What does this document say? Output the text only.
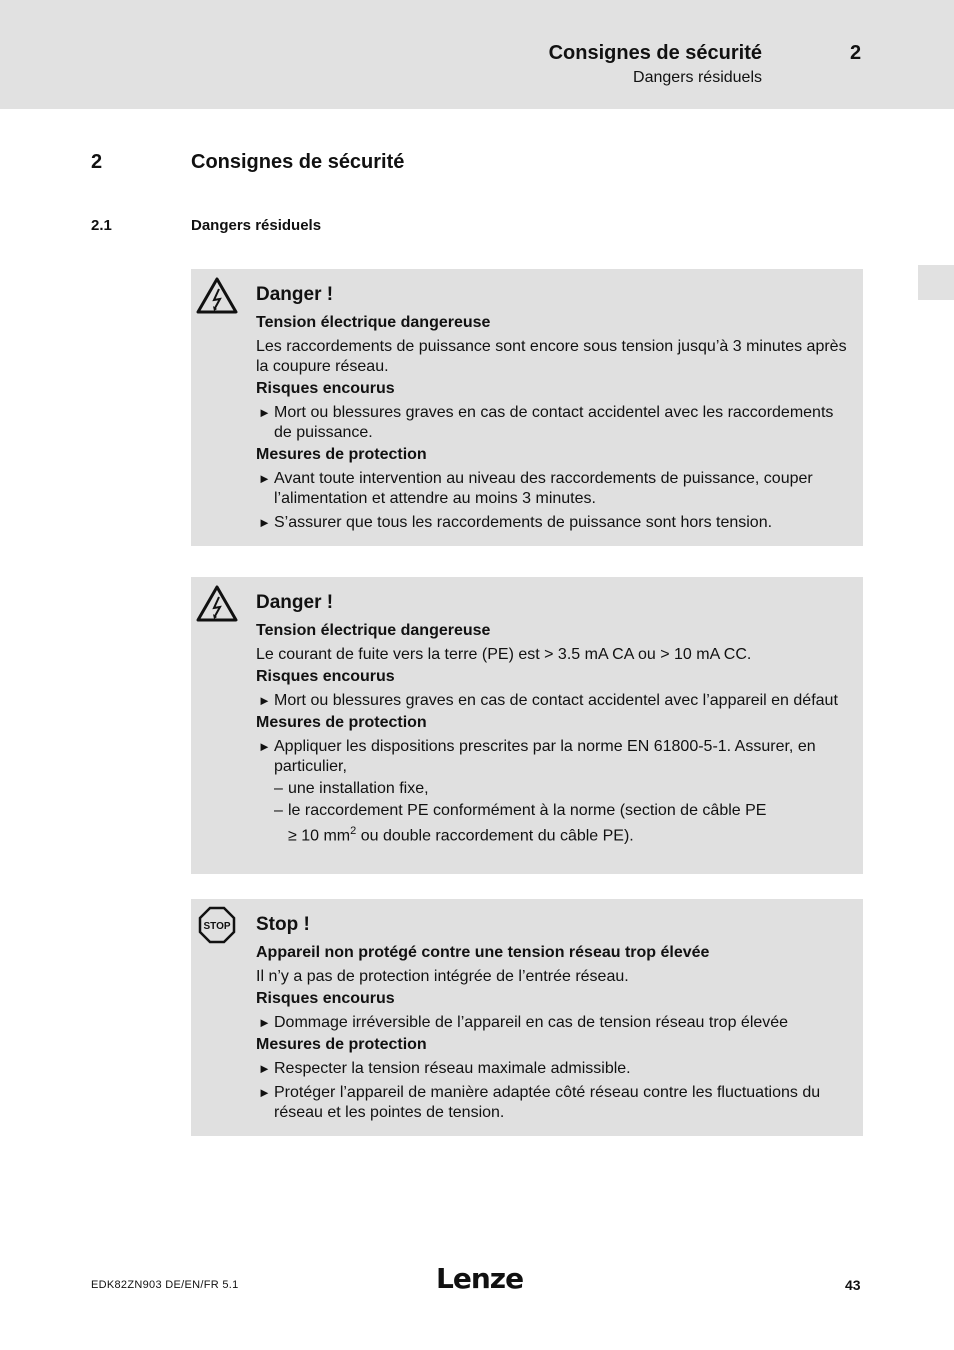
Consignes de sécurité	2
Dangers résiduels
2	Consignes de sécurité
2.1	Dangers résiduels
Danger !
Tension électrique dangereuse
Les raccordements de puissance sont encore sous tension jusqu’à 3 minutes après la coupure réseau.
Risques encourus
► Mort ou blessures graves en cas de contact accidentel avec les raccordements de puissance.
Mesures de protection
► Avant toute intervention au niveau des raccordements de puissance, couper l’alimentation et attendre au moins 3 minutes.
► S’assurer que tous les raccordements de puissance sont hors tension.
Danger !
Tension électrique dangereuse
Le courant de fuite vers la terre (PE) est > 3.5 mA CA ou > 10 mA CC.
Risques encourus
► Mort ou blessures graves en cas de contact accidentel avec l’appareil en défaut
Mesures de protection
► Appliquer les dispositions prescrites par la norme EN 61800-5-1. Assurer, en particulier,
– une installation fixe,
– le raccordement PE conformément à la norme (section de câble PE
≥ 10 $mm^2$ ou double raccordement du câble PE).
STOP Stop !
Appareil non protégé contre une tension réseau trop élevée
Il n’y a pas de protection intégrée de l’entrée réseau.
Risques encourus
► Dommage irréversible de l’appareil en cas de tension réseau trop élevée
Mesures de protection
► Respecter la tension réseau maximale admissible.
► Protéger l’appareil de manière adaptée côté réseau contre les fluctuations du réseau et les pointes de tension.
EDK82ZN903 DE/EN/FR 5.1	Lenze	43
